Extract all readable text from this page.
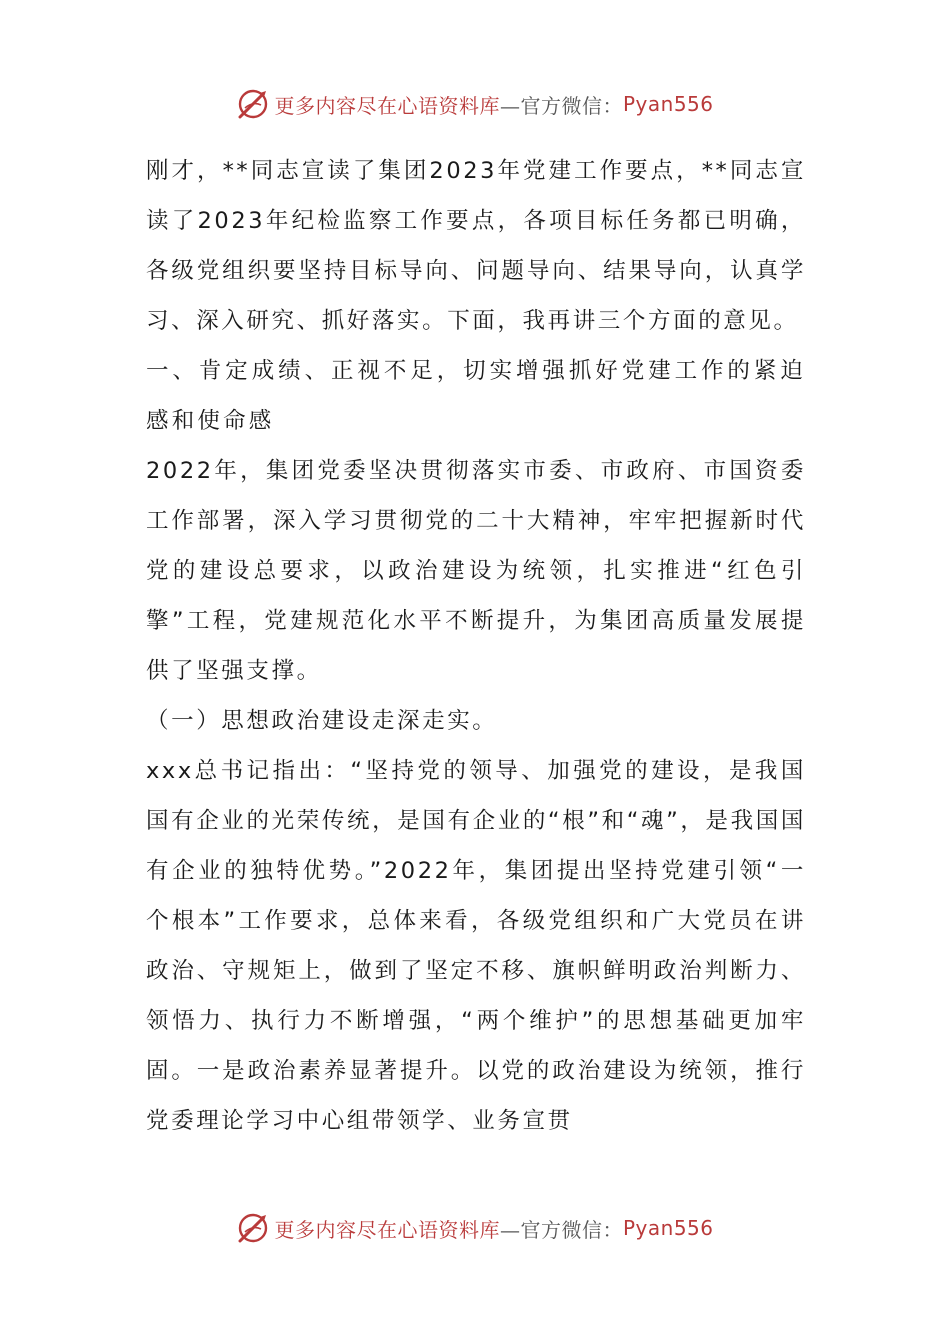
更多内容尽在心语资料库 —官方微信： Pyan556

刚才，**同志宣读了集团2023年党建工作要点，**同志宣读了2023年纪检监察工作要点，各项目标任务都已明确，各级党组织要坚持目标导向、问题导向、结果导向，认真学习、深入研究、抓好落实。下面，我再讲三个方面的意见。

一、肯定成绩、正视不足，切实增强抓好党建工作的紧迫感和使命感

2022年，集团党委坚决贯彻落实市委、市政府、市国资委工作部署，深入学习贯彻党的二十大精神，牢牢把握新时代党的建设总要求，以政治建设为统领，扎实推进“红色引擎”工程，党建规范化水平不断提升，为集团高质量发展提供了坚强支撑。

（一）思想政治建设走深走实。

xxx总书记指出：“坚持党的领导、加强党的建设，是我国国有企业的光荣传统，是国有企业的“根”和“魂”，是我国国有企业的独特优势。”2022年，集团提出坚持党建引领“一个根本”工作要求，总体来看，各级党组织和广大党员在讲政治、守规矩上，做到了坚定不移、旗帜鲜明政治判断力、领悟力、执行力不断增强，“两个维护”的思想基础更加牢固。一是政治素养显著提升。以党的政治建设为统领，推行党委理论学习中心组带领学、业务宣贯

更多内容尽在心语资料库 —官方微信： Pyan556
